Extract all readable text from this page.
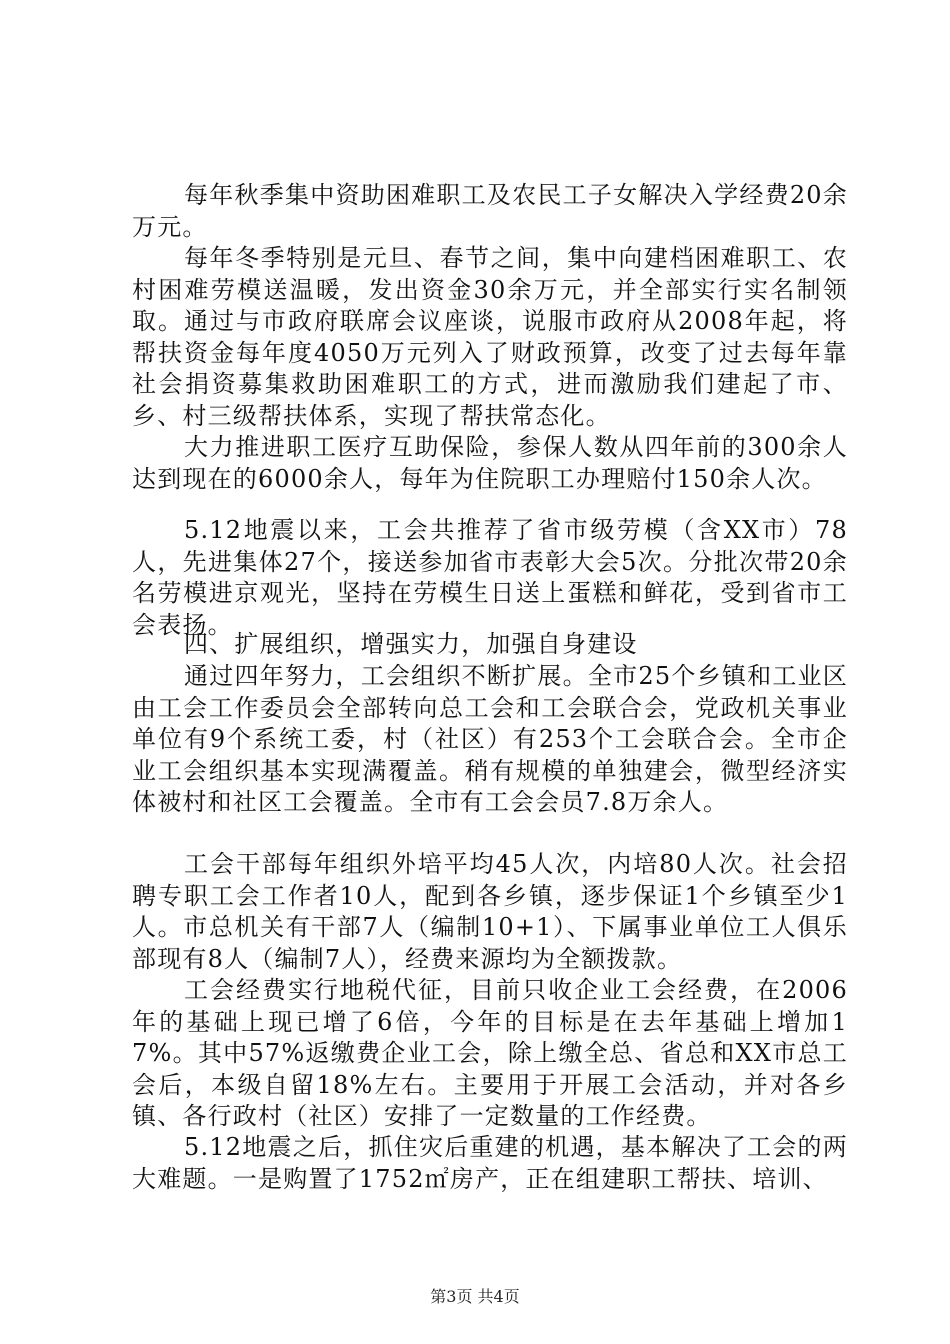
每年秋季集中资助困难职工及农民工子女解决入学经费20余万元。

每年冬季特别是元旦、春节之间，集中向建档困难职工、农村困难劳模送温暖，发出资金30余万元，并全部实行实名制领取。通过与市政府联席会议座谈，说服市政府从2008年起，将帮扶资金每年度4050万元列入了财政预算，改变了过去每年靠社会捐资募集救助困难职工的方式，进而激励我们建起了市、乡、村三级帮扶体系，实现了帮扶常态化。

大力推进职工医疗互助保险，参保人数从四年前的300余人达到现在的6000余人，每年为住院职工办理赔付150余人次。

5.12地震以来，工会共推荐了省市级劳模（含XX市）78人，先进集体27个，接送参加省市表彰大会5次。分批次带20余名劳模进京观光，坚持在劳模生日送上蛋糕和鲜花，受到省市工会表扬。

四、扩展组织，增强实力，加强自身建设

通过四年努力，工会组织不断扩展。全市25个乡镇和工业区由工会工作委员会全部转向总工会和工会联合会，党政机关事业单位有9个系统工委，村（社区）有253个工会联合会。全市企业工会组织基本实现满覆盖。稍有规模的单独建会，微型经济实体被村和社区工会覆盖。全市有工会会员7.8万余人。

工会干部每年组织外培平均45人次，内培80人次。社会招聘专职工会工作者10人，配到各乡镇，逐步保证1个乡镇至少1人。市总机关有干部7人（编制10+1）、下属事业单位工人俱乐部现有8人（编制7人），经费来源均为全额拨款。

工会经费实行地税代征，目前只收企业工会经费，在2006年的基础上现已增了6倍，今年的目标是在去年基础上增加17%。其中57%返缴费企业工会，除上缴全总、省总和XX市总工会后，本级自留18%左右。主要用于开展工会活动，并对各乡镇、各行政村（社区）安排了一定数量的工作经费。

5.12地震之后，抓住灾后重建的机遇，基本解决了工会的两大难题。一是购置了1752㎡房产，正在组建职工帮扶、培训、

第3页 共4页
